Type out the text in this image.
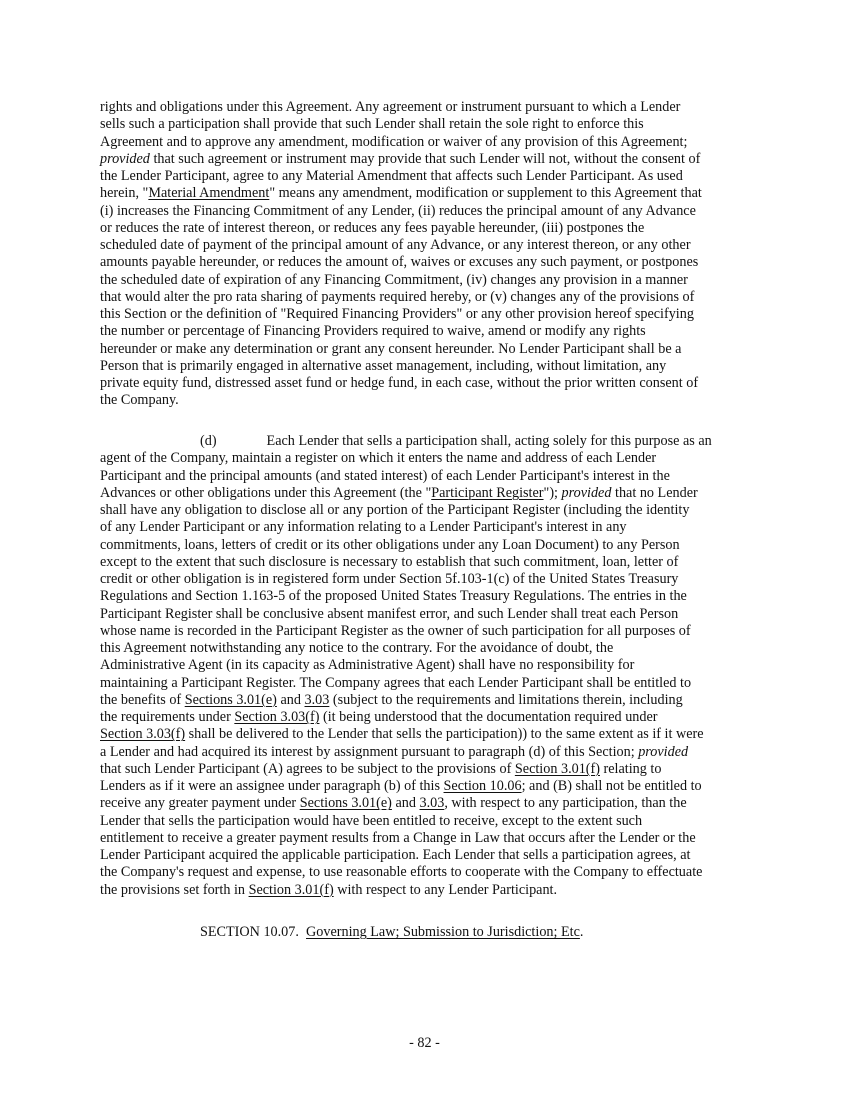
rights and obligations under this Agreement. Any agreement or instrument pursuant to which a Lender
sells such a participation shall provide that such Lender shall retain the sole right to enforce this
Agreement and to approve any amendment, modification or waiver of any provision of this Agreement;
provided that such agreement or instrument may provide that such Lender will not, without the consent of
the Lender Participant, agree to any Material Amendment that affects such Lender Participant. As used
herein, "Material Amendment" means any amendment, modification or supplement to this Agreement that
(i) increases the Financing Commitment of any Lender, (ii) reduces the principal amount of any Advance
or reduces the rate of interest thereon, or reduces any fees payable hereunder, (iii) postpones the
scheduled date of payment of the principal amount of any Advance, or any interest thereon, or any other
amounts payable hereunder, or reduces the amount of, waives or excuses any such payment, or postpones
the scheduled date of expiration of any Financing Commitment, (iv) changes any provision in a manner
that would alter the pro rata sharing of payments required hereby, or (v) changes any of the provisions of
this Section or the definition of "Required Financing Providers" or any other provision hereof specifying
the number or percentage of Financing Providers required to waive, amend or modify any rights
hereunder or make any determination or grant any consent hereunder. No Lender Participant shall be a
Person that is primarily engaged in alternative asset management, including, without limitation, any
private equity fund, distressed asset fund or hedge fund, in each case, without the prior written consent of
the Company.
(d)	Each Lender that sells a participation shall, acting solely for this purpose as an
agent of the Company, maintain a register on which it enters the name and address of each Lender
Participant and the principal amounts (and stated interest) of each Lender Participant's interest in the
Advances or other obligations under this Agreement (the "Participant Register"); provided that no Lender
shall have any obligation to disclose all or any portion of the Participant Register (including the identity
of any Lender Participant or any information relating to a Lender Participant's interest in any
commitments, loans, letters of credit or its other obligations under any Loan Document) to any Person
except to the extent that such disclosure is necessary to establish that such commitment, loan, letter of
credit or other obligation is in registered form under Section 5f.103-1(c) of the United States Treasury
Regulations and Section 1.163-5 of the proposed United States Treasury Regulations. The entries in the
Participant Register shall be conclusive absent manifest error, and such Lender shall treat each Person
whose name is recorded in the Participant Register as the owner of such participation for all purposes of
this Agreement notwithstanding any notice to the contrary. For the avoidance of doubt, the
Administrative Agent (in its capacity as Administrative Agent) shall have no responsibility for
maintaining a Participant Register. The Company agrees that each Lender Participant shall be entitled to
the benefits of Sections 3.01(e) and 3.03 (subject to the requirements and limitations therein, including
the requirements under Section 3.03(f) (it being understood that the documentation required under
Section 3.03(f) shall be delivered to the Lender that sells the participation)) to the same extent as if it were
a Lender and had acquired its interest by assignment pursuant to paragraph (d) of this Section; provided
that such Lender Participant (A) agrees to be subject to the provisions of Section 3.01(f) relating to
Lenders as if it were an assignee under paragraph (b) of this Section 10.06; and (B) shall not be entitled to
receive any greater payment under Sections 3.01(e) and 3.03, with respect to any participation, than the
Lender that sells the participation would have been entitled to receive, except to the extent such
entitlement to receive a greater payment results from a Change in Law that occurs after the Lender or the
Lender Participant acquired the applicable participation. Each Lender that sells a participation agrees, at
the Company's request and expense, to use reasonable efforts to cooperate with the Company to effectuate
the provisions set forth in Section 3.01(f) with respect to any Lender Participant.
SECTION 10.07. Governing Law; Submission to Jurisdiction; Etc.
- 82 -
